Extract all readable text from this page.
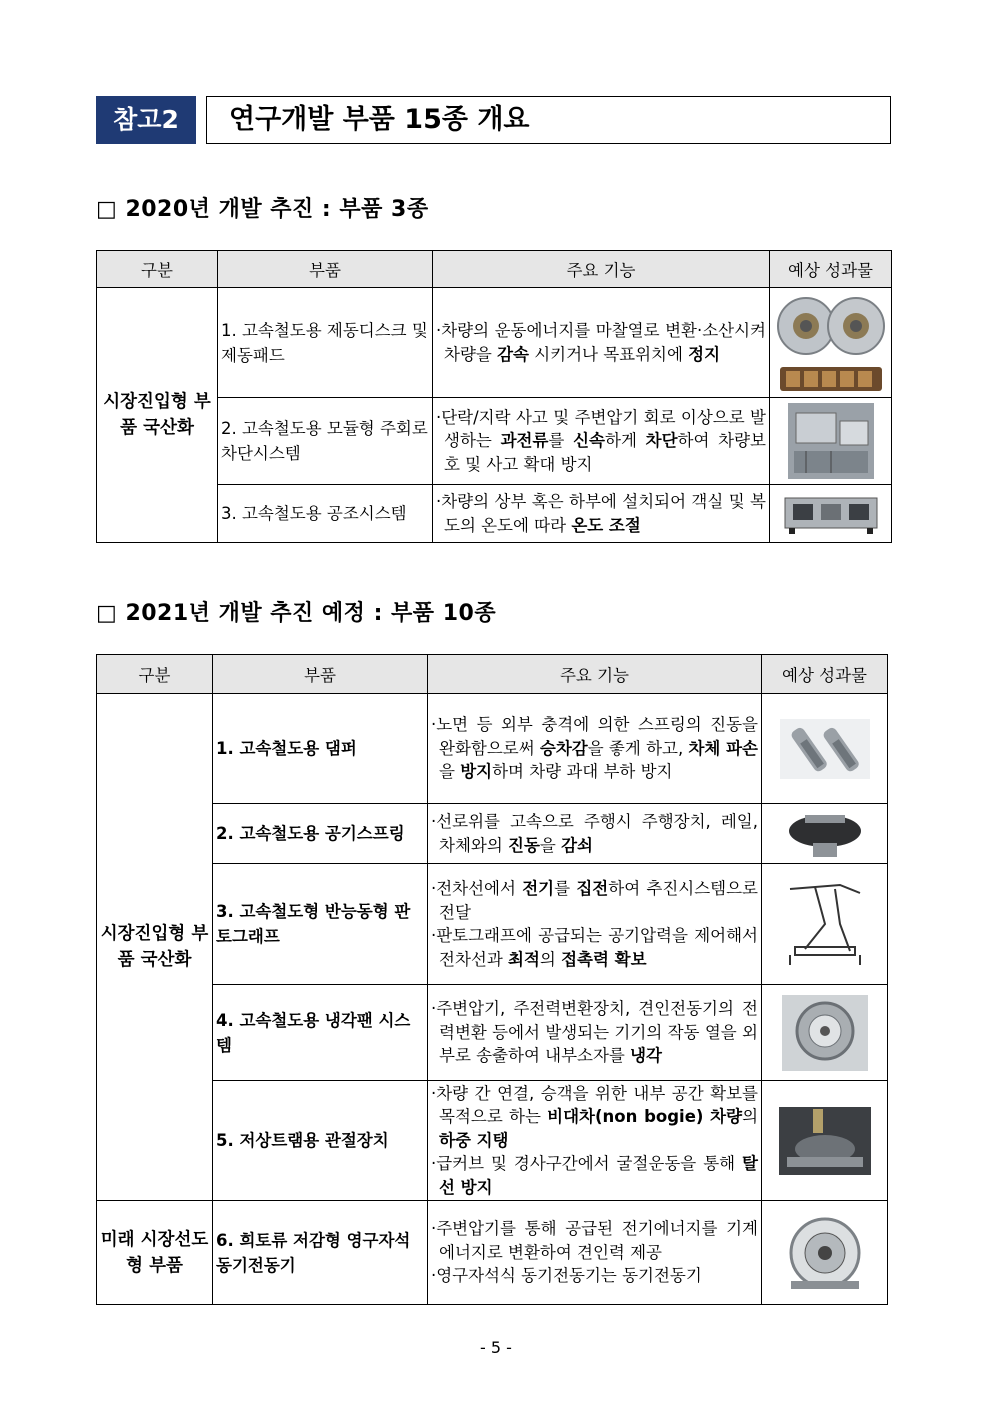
참고2	연구개발 부품 15종 개요
□ 2020년 개발 추진 : 부품 3종
구분	부품	주요 기능	예상 성과물
시장진입형 부품 국산화	1. 고속철도용 제동디스크 및 제동패드	·차량의 운동에너지를 마찰열로 변환·소산시켜 차량을 감속 시키거나 목표위치에 정지

	2. 고속철도용 모듈형 주회로 차단시스템	·단락/지락 사고 및 주변압기 회로 이상으로 발생하는 과전류를 신속하게 차단하여 차량보호 및 사고 확대 방지

	3. 고속철도용 공조시스템	·차량의 상부 혹은 하부에 설치되어 객실 및 복도의 온도에 따라 온도 조절

□ 2021년 개발 추진 예정 : 부품 10종
구분	부품	주요 기능	예상 성과물
시장진입형 부품 국산화	1. 고속철도용 댐퍼	·노면 등 외부 충격에 의한 스프링의 진동을 완화함으로써 승차감을 좋게 하고, 차체 파손을 방지하며 차량 과대 부하 방지

	2. 고속철도용 공기스프링	·선로위를 고속으로 주행시 주행장치, 레일, 차체와의 진동을 감쇠

	3. 고속철도형 반능동형 판토그래프	·전차선에서 전기를 집전하여 추진시스템으로 전달

·판토그래프에 공급되는 공기압력을 제어해서 전차선과 최적의 접촉력 확보

	4. 고속철도용 냉각팬 시스템	·주변압기, 주전력변환장치, 견인전동기의 전력변환 등에서 발생되는 기기의 작동 열을 외부로 송출하여 내부소자를 냉각

	5. 저상트램용 관절장치	·차량 간 연결, 승객을 위한 내부 공간 확보를 목적으로 하는 비대차(non bogie) 차량의 하중 지탱

·급커브 및 경사구간에서 굴절운동을 통해 탈선 방지

미래 시장선도형 부품	6. 희토류 저감형 영구자석 동기전동기	·주변압기를 통해 공급된 전기에너지를 기계에너지로 변환하여 견인력 제공

·영구자석식 동기전동기는 동기전동기

- 5 -
